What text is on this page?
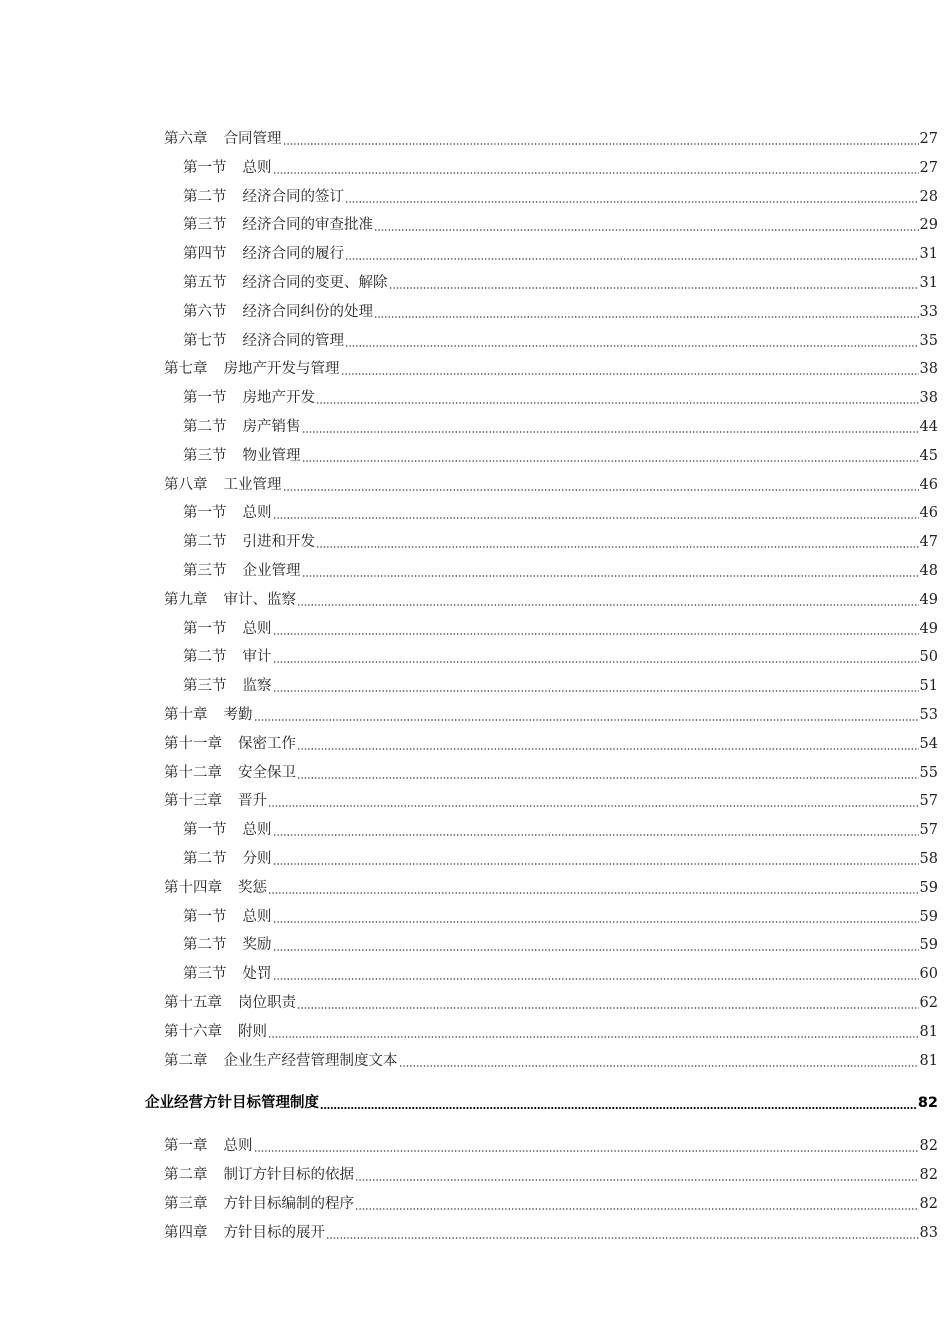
第六章 合同管理	27
第一节 总则	27
第二节 经济合同的签订	28
第三节 经济合同的审查批准	29
第四节 经济合同的履行	31
第五节 经济合同的变更、解除	31
第六节 经济合同纠份的处理	33
第七节 经济合同的管理	35
第七章 房地产开发与管理	38
第一节 房地产开发	38
第二节 房产销售	44
第三节 物业管理	45
第八章 工业管理	46
第一节 总则	46
第二节 引进和开发	47
第三节 企业管理	48
第九章 审计、监察	49
第一节 总则	49
第二节 审计	50
第三节 监察	51
第十章 考勤	53
第十一章 保密工作	54
第十二章 安全保卫	55
第十三章 晋升	57
第一节 总则	57
第二节 分则	58
第十四章 奖惩	59
第一节 总则	59
第二节 奖励	59
第三节 处罚	60
第十五章 岗位职责	62
第十六章 附则	81
第二章 企业生产经营管理制度文本	81
企业经营方针目标管理制度	82
第一章 总则	82
第二章 制订方针目标的依据	82
第三章 方针目标编制的程序	82
第四章 方针目标的展开	83
